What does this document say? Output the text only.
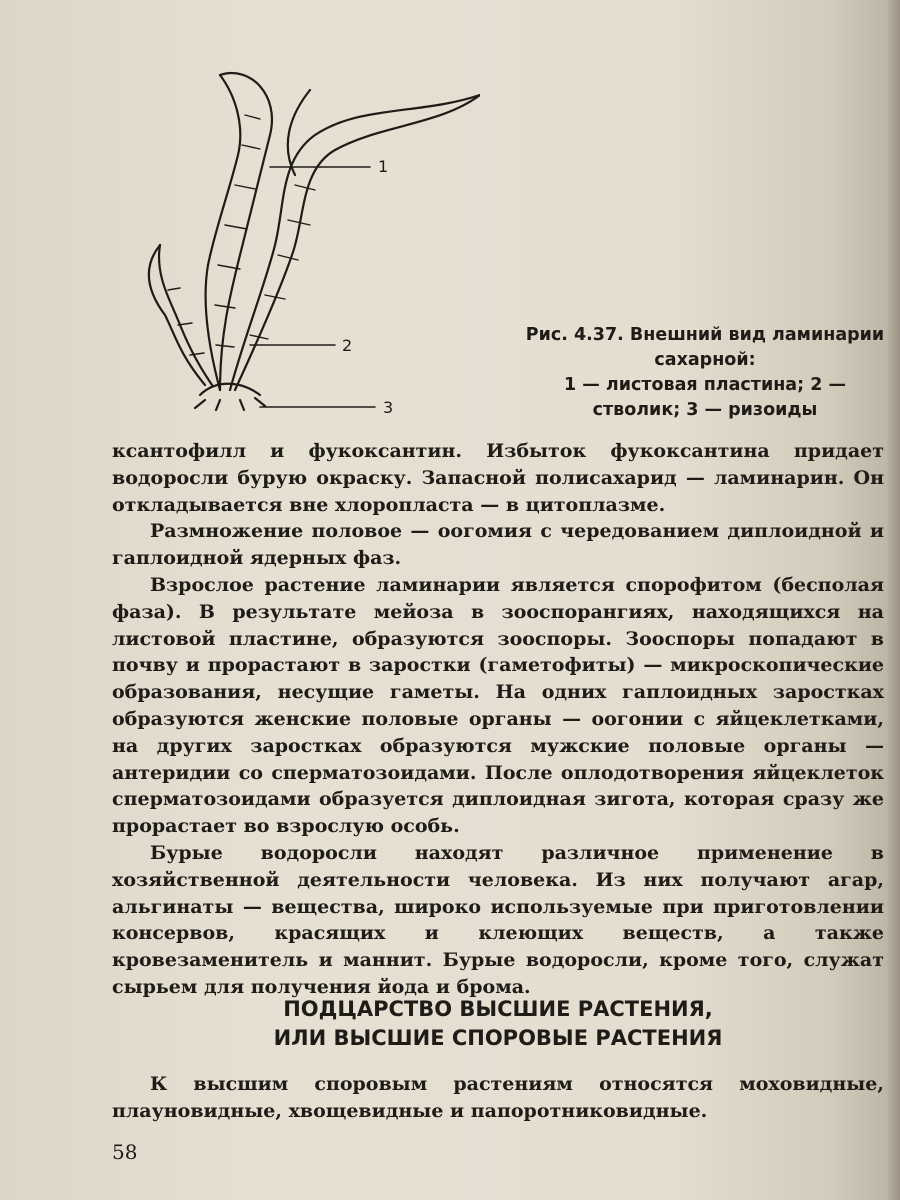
1
2
3
Рис. 4.37. Внешний вид ламинарии сахарной:
1 — листовая пластина; 2 — стволик; 3 — ризоиды

ксантофилл и фукоксантин. Избыток фукоксантина придает водоросли бурую окраску. Запасной полисахарид — ламинарин. Он откладывается вне хлоропласта — в цитоплазме.

Размножение половое — оогомия с чередованием диплоидной и гаплоидной ядерных фаз.

Взрослое растение ламинарии является спорофитом (бесполая фаза). В результате мейоза в зооспорангиях, находящихся на листовой пластине, образуются зооспоры. Зооспоры попадают в почву и прорастают в заростки (гаметофиты) — микроскопические образования, несущие гаметы. На одних гаплоидных заростках образуются женские половые органы — оогонии с яйцеклетками, на других заростках образуются мужские половые органы — антеридии со сперматозоидами. После оплодотворения яйцеклеток сперматозоидами образуется диплоидная зигота, которая сразу же прорастает во взрослую особь.

Бурые водоросли находят различное применение в хозяйственной деятельности человека. Из них получают агар, альгинаты — вещества, широко используемые при приготовлении консервов, красящих и клеющих веществ, а также кровезаменитель и маннит. Бурые водоросли, кроме того, служат сырьем для получения йода и брома.

ПОДЦАРСТВО ВЫСШИЕ РАСТЕНИЯ,
ИЛИ ВЫСШИЕ СПОРОВЫЕ РАСТЕНИЯ

К высшим споровым растениям относятся моховидные, плауновидные, хвощевидные и папоротниковидные.

58
